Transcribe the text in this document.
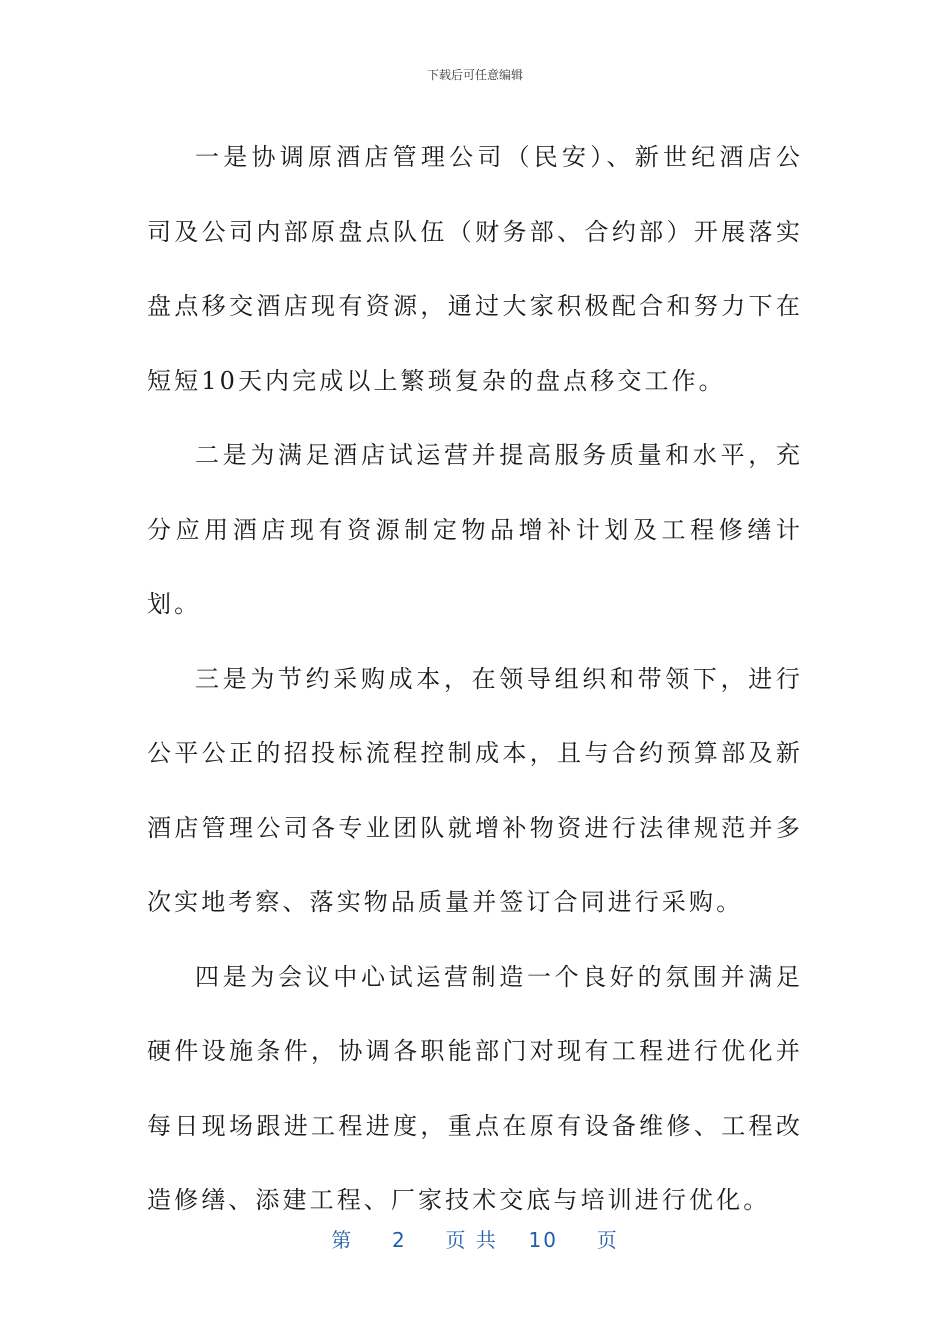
下载后可任意编辑

一是协调原酒店管理公司（民安）、新世纪酒店公司及公司内部原盘点队伍（财务部、合约部）开展落实盘点移交酒店现有资源，通过大家积极配合和努力下在短短10天内完成以上繁琐复杂的盘点移交工作。

二是为满足酒店试运营并提高服务质量和水平，充分应用酒店现有资源制定物品增补计划及工程修缮计划。

三是为节约采购成本，在领导组织和带领下，进行公平公正的招投标流程控制成本，且与合约预算部及新酒店管理公司各专业团队就增补物资进行法律规范并多次实地考察、落实物品质量并签订合同进行采购。

四是为会议中心试运营制造一个良好的氛围并满足硬件设施条件，协调各职能部门对现有工程进行优化并每日现场跟进工程进度，重点在原有设备维修、工程改造修缮、添建工程、厂家技术交底与培训进行优化。

第 2 页 共 10 页
